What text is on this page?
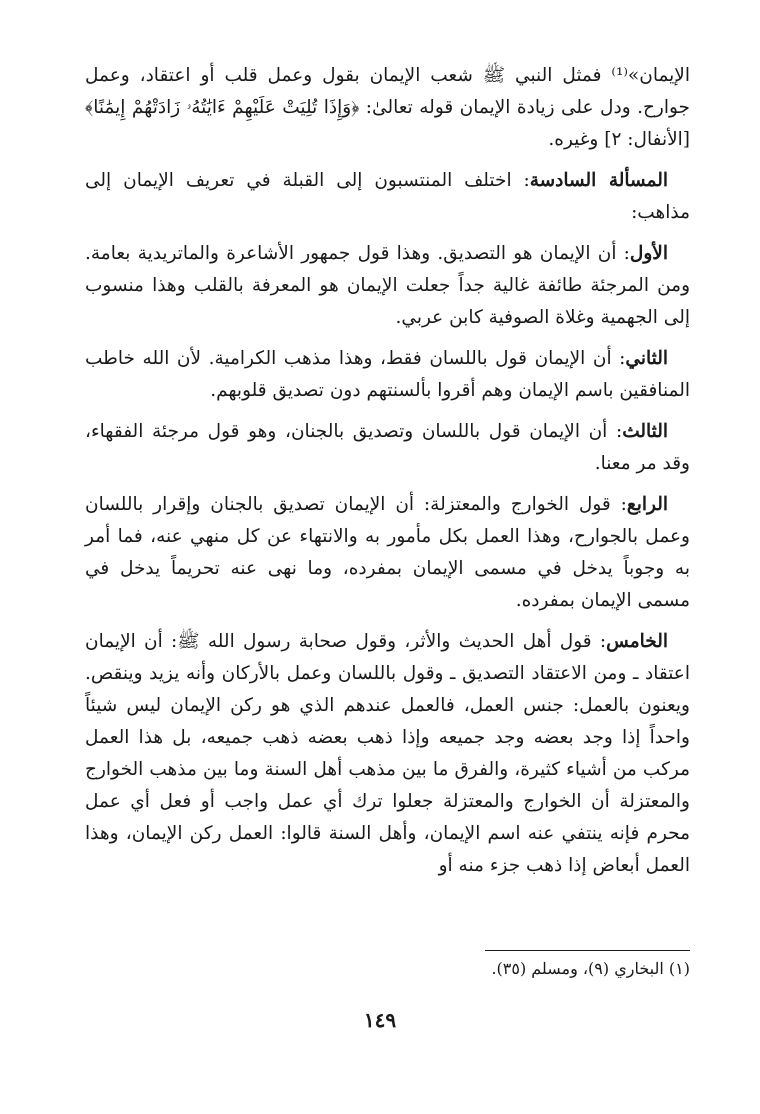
الإيمان»⁽¹⁾ فمثل النبي ﷺ شعب الإيمان بقول وعمل قلب أو اعتقاد، وعمل جوارح. ودل على زيادة الإيمان قوله تعالىٰ: ﴿وَإِذَا تُلِيَتْ عَلَيْهِمْ ءَايَٰتُهُۥ زَادَتْهُمْ إِيمَٰنًا﴾ [الأنفال: ٢] وغيره.

المسألة السادسة: اختلف المنتسبون إلى القبلة في تعريف الإيمان إلى مذاهب:

الأول: أن الإيمان هو التصديق. وهذا قول جمهور الأشاعرة والماتريدية بعامة. ومن المرجئة طائفة غالية جداً جعلت الإيمان هو المعرفة بالقلب وهذا منسوب إلى الجهمية وغلاة الصوفية كابن عربي.

الثاني: أن الإيمان قول باللسان فقط، وهذا مذهب الكرامية. لأن الله خاطب المنافقين باسم الإيمان وهم أقروا بألسنتهم دون تصديق قلوبهم.

الثالث: أن الإيمان قول باللسان وتصديق بالجنان، وهو قول مرجئة الفقهاء، وقد مر معنا.

الرابع: قول الخوارج والمعتزلة: أن الإيمان تصديق بالجنان وإقرار باللسان وعمل بالجوارح، وهذا العمل بكل مأمور به والانتهاء عن كل منهي عنه، فما أمر به وجوباً يدخل في مسمى الإيمان بمفرده، وما نهى عنه تحريماً يدخل في مسمى الإيمان بمفرده.

الخامس: قول أهل الحديث والأثر، وقول صحابة رسول الله ﷺ: أن الإيمان اعتقاد ـ ومن الاعتقاد التصديق ـ وقول باللسان وعمل بالأركان وأنه يزيد وينقص. ويعنون بالعمل: جنس العمل، فالعمل عندهم الذي هو ركن الإيمان ليس شيئاً واحداً إذا وجد بعضه وجد جميعه وإذا ذهب بعضه ذهب جميعه، بل هذا العمل مركب من أشياء كثيرة، والفرق ما بين مذهب أهل السنة وما بين مذهب الخوارج والمعتزلة أن الخوارج والمعتزلة جعلوا ترك أي عمل واجب أو فعل أي عمل محرم فإنه ينتفي عنه اسم الإيمان، وأهل السنة قالوا: العمل ركن الإيمان، وهذا العمل أبعاض إذا ذهب جزء منه أو

(١) البخاري (٩)، ومسلم (٣٥).
١٤٩
